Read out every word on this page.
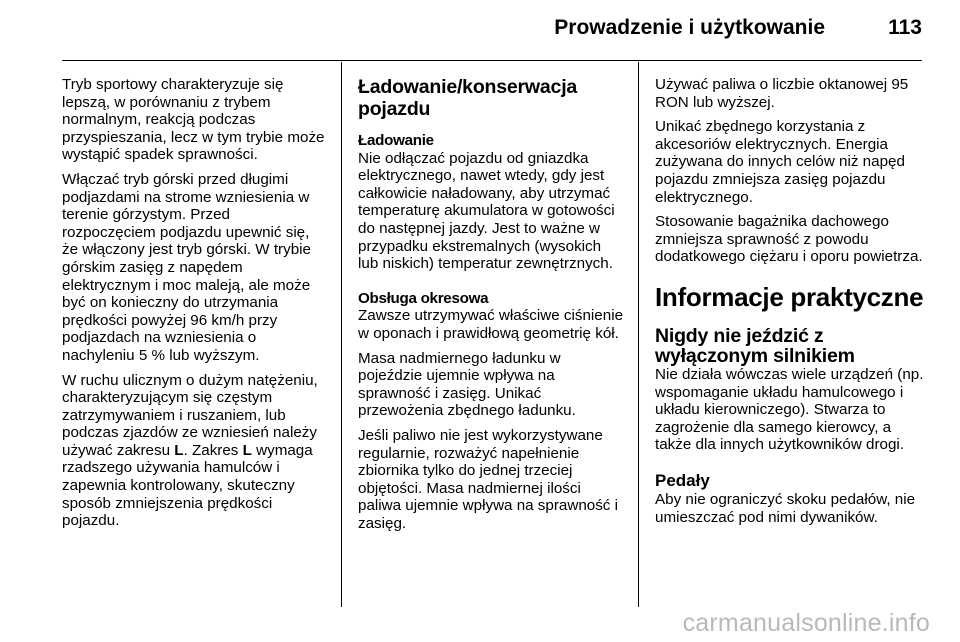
Prowadzenie i użytkowanie	113

Tryb sportowy charakteryzuje się lepszą, w porównaniu z trybem normalnym, reakcją podczas przyspieszania, lecz w tym trybie może wystąpić spadek sprawności.

Włączać tryb górski przed długimi podjazdami na strome wzniesienia w terenie górzystym. Przed rozpoczęciem podjazdu upewnić się, że włączony jest tryb górski. W trybie górskim zasięg z napędem elektrycznym i moc maleją, ale może być on konieczny do utrzymania prędkości powyżej 96 km/h przy podjazdach na wzniesienia o nachyleniu 5 % lub wyższym.

W ruchu ulicznym o dużym natężeniu, charakteryzującym się częstym zatrzymywaniem i ruszaniem, lub podczas zjazdów ze wzniesień należy używać zakresu L. Zakres L wymaga rzadszego używania hamulców i zapewnia kontrolowany, skuteczny sposób zmniejszenia prędkości pojazdu.

Ładowanie/konserwacja pojazdu
Ładowanie

Nie odłączać pojazdu od gniazdka elektrycznego, nawet wtedy, gdy jest całkowicie naładowany, aby utrzymać temperaturę akumulatora w gotowości do następnej jazdy. Jest to ważne w przypadku ekstremalnych (wysokich lub niskich) temperatur zewnętrznych.

Obsługa okresowa

Zawsze utrzymywać właściwe ciśnienie w oponach i prawidłową geometrię kół.

Masa nadmiernego ładunku w pojeździe ujemnie wpływa na sprawność i zasięg. Unikać przewożenia zbędnego ładunku.

Jeśli paliwo nie jest wykorzystywane regularnie, rozważyć napełnienie zbiornika tylko do jednej trzeciej objętości. Masa nadmiernej ilości paliwa ujemnie wpływa na sprawność i zasięg.

Używać paliwa o liczbie oktanowej 95 RON lub wyższej.

Unikać zbędnego korzystania z akcesoriów elektrycznych. Energia zużywana do innych celów niż napęd pojazdu zmniejsza zasięg pojazdu elektrycznego.

Stosowanie bagażnika dachowego zmniejsza sprawność z powodu dodatkowego ciężaru i oporu powietrza.

Informacje praktyczne
Nigdy nie jeździć z wyłączonym silnikiem

Nie działa wówczas wiele urządzeń (np. wspomaganie układu hamulcowego i układu kierowniczego). Stwarza to zagrożenie dla samego kierowcy, a także dla innych użytkowników drogi.

Pedały

Aby nie ograniczyć skoku pedałów, nie umieszczać pod nimi dywaników.

carmanualsonline.info
